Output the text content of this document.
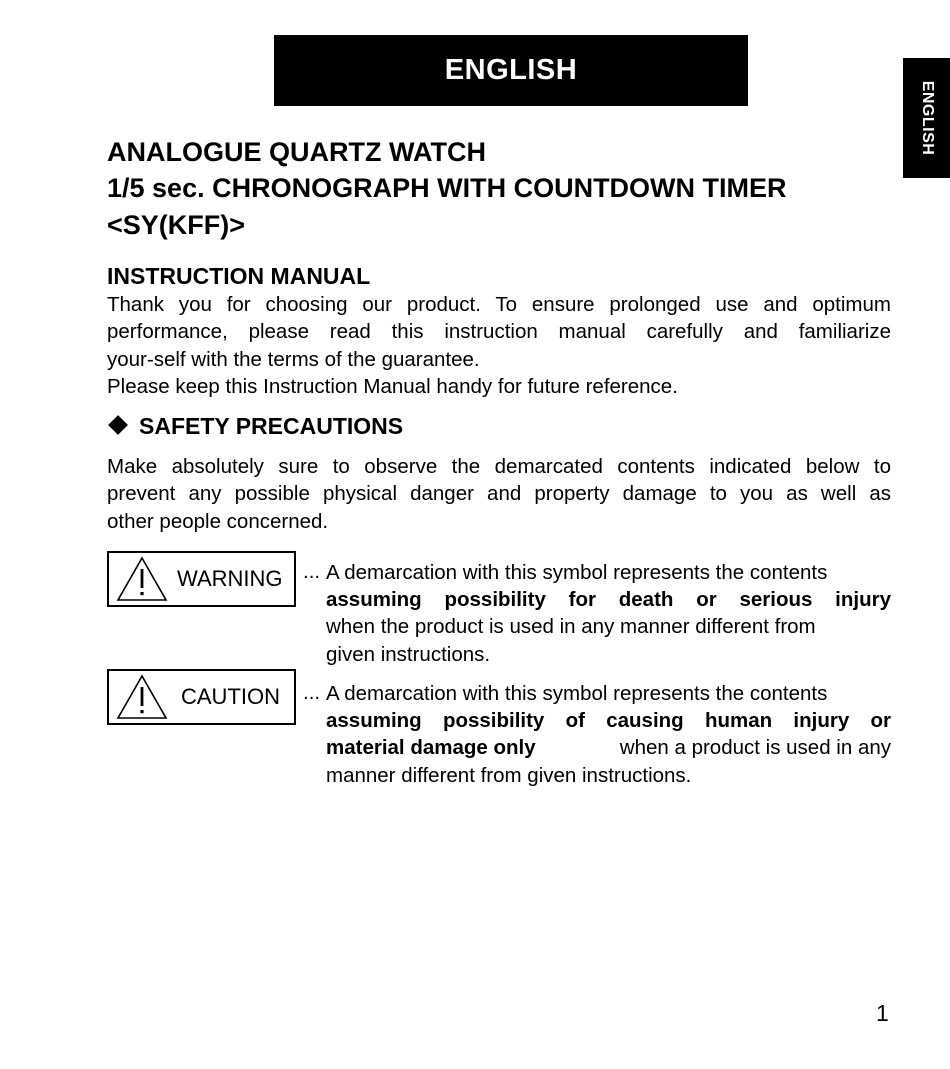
ENGLISH
ENGLISH
ANALOGUE QUARTZ WATCH
1/5 sec. CHRONOGRAPH WITH COUNTDOWN TIMER
<SY(KFF)>
INSTRUCTION MANUAL
Thank you for choosing our product. To ensure prolonged use and optimum
performance, please read this instruction manual carefully and familiarize
your-self with the terms of the guarantee.
Please keep this Instruction Manual handy for future reference.
SAFETY PRECAUTIONS
Make absolutely sure to observe the demarcated contents indicated below to
prevent any possible physical danger and property damage to you as well as
other people concerned.
WARNING ... A demarcation with this symbol represents the contents
assuming possibility for death or serious injury
when the product is used in any manner different from
given instructions.
CAUTION ... A demarcation with this symbol represents the contents
assuming possibility of causing human injury or
material damage only	when a product is used in any
manner different from given instructions.
1
